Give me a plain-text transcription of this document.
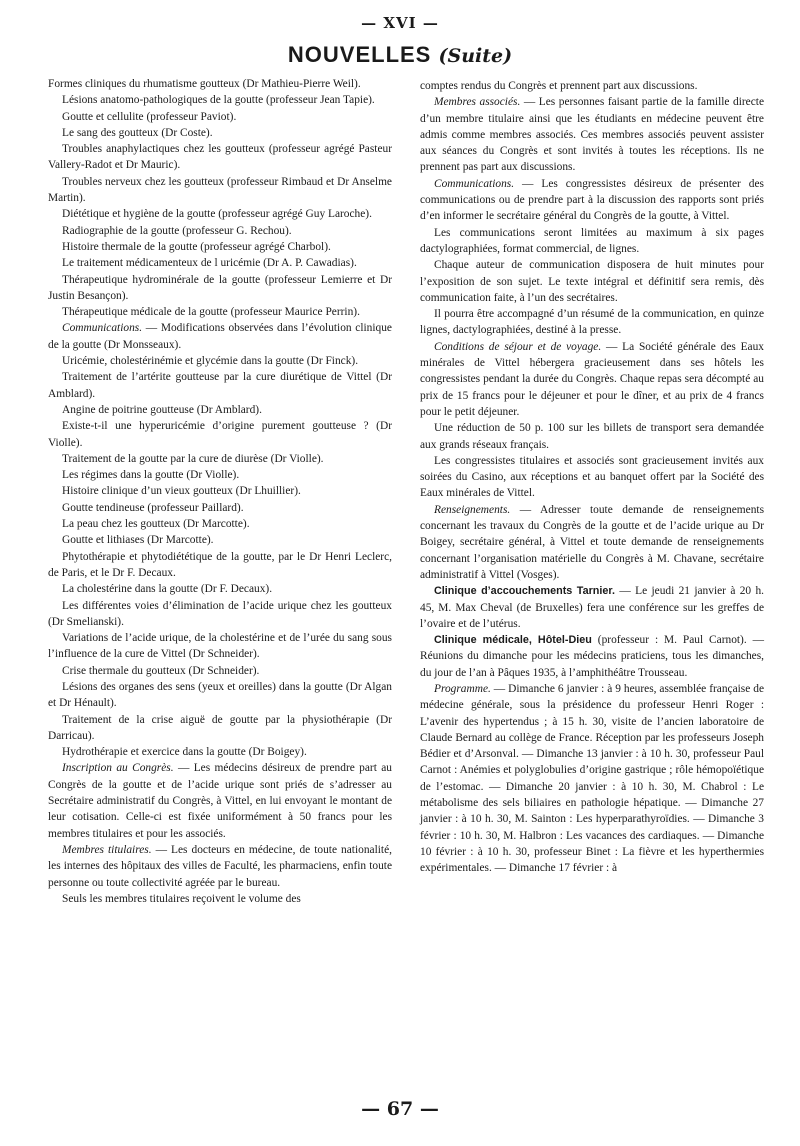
— XVI —
NOUVELLES (Suite)

Formes cliniques du rhumatisme goutteux (Dr Mathieu-Pierre Weil).

Lésions anatomo-pathologiques de la goutte (professeur Jean Tapie).

Goutte et cellulite (professeur Paviot).

Le sang des goutteux (Dr Coste).

Troubles anaphylactiques chez les goutteux (professeur agrégé Pasteur Vallery-Radot et Dr Mauric).

Troubles nerveux chez les goutteux (professeur Rimbaud et Dr Anselme Martin).

Diététique et hygiène de la goutte (professeur agrégé Guy Laroche).

Radiographie de la goutte (professeur G. Rechou).

Histoire thermale de la goutte (professeur agrégé Charbol).

Le traitement médicamenteux de l uricémie (Dr A. P. Cawadias).

Thérapeutique hydrominérale de la goutte (professeur Lemierre et Dr Justin Besançon).

Thérapeutique médicale de la goutte (professeur Maurice Perrin).

Communications. — Modifications observées dans l’évolution clinique de la goutte (Dr Monsseaux).

Uricémie, cholestérinémie et glycémie dans la goutte (Dr Finck).

Traitement de l’artérite goutteuse par la cure diurétique de Vittel (Dr Amblard).

Angine de poitrine goutteuse (Dr Amblard).

Existe-t-il une hyperuricémie d’origine purement goutteuse ? (Dr Violle).

Traitement de la goutte par la cure de diurèse (Dr Violle).

Les régimes dans la goutte (Dr Violle).

Histoire clinique d’un vieux goutteux (Dr Lhuillier).

Goutte tendineuse (professeur Paillard).

La peau chez les goutteux (Dr Marcotte).

Goutte et lithiases (Dr Marcotte).

Phytothérapie et phytodiététique de la goutte, par le Dr Henri Leclerc, de Paris, et le Dr F. Decaux.

La cholestérine dans la goutte (Dr F. Decaux).

Les différentes voies d’élimination de l’acide urique chez les goutteux (Dr Smelianski).

Variations de l’acide urique, de la cholestérine et de l’urée du sang sous l’influence de la cure de Vittel (Dr Schneider).

Crise thermale du goutteux (Dr Schneider).

Lésions des organes des sens (yeux et oreilles) dans la goutte (Dr Algan et Dr Hénault).

Traitement de la crise aiguë de goutte par la physiothérapie (Dr Darricau).

Hydrothérapie et exercice dans la goutte (Dr Boigey).

Inscription au Congrès. — Les médecins désireux de prendre part au Congrès de la goutte et de l’acide urique sont priés de s’adresser au Secrétaire administratif du Congrès, à Vittel, en lui envoyant le montant de leur cotisation. Celle-ci est fixée uniformément à 50 francs pour les membres titulaires et pour les associés.

Membres titulaires. — Les docteurs en médecine, de toute nationalité, les internes des hôpitaux des villes de Faculté, les pharmaciens, enfin toute personne ou toute collectivité agréée par le bureau.

Seuls les membres titulaires reçoivent le volume des

comptes rendus du Congrès et prennent part aux discussions.

Membres associés. — Les personnes faisant partie de la famille directe d’un membre titulaire ainsi que les étudiants en médecine peuvent être admis comme membres associés. Ces membres associés peuvent assister aux séances du Congrès et sont invités à toutes les réceptions. Ils ne prennent pas part aux discussions.

Communications. — Les congressistes désireux de présenter des communications ou de prendre part à la discussion des rapports sont priés d’en informer le secrétaire général du Congrès de la goutte, à Vittel.

Les communications seront limitées au maximum à six pages dactylographiées, format commercial, de lignes.

Chaque auteur de communication disposera de huit minutes pour l’exposition de son sujet. Le texte intégral et définitif sera remis, dès communication faite, à l’un des secrétaires.

Il pourra être accompagné d’un résumé de la communication, en quinze lignes, dactylographiées, destiné à la presse.

Conditions de séjour et de voyage. — La Société générale des Eaux minérales de Vittel hébergera gracieusement dans ses hôtels les congressistes pendant la durée du Congrès. Chaque repas sera décompté au prix de 15 francs pour le déjeuner et pour le dîner, et au prix de 4 francs pour le petit déjeuner.

Une réduction de 50 p. 100 sur les billets de transport sera demandée aux grands réseaux français.

Les congressistes titulaires et associés sont gracieusement invités aux soirées du Casino, aux réceptions et au banquet offert par la Société des Eaux minérales de Vittel.

Renseignements. — Adresser toute demande de renseignements concernant les travaux du Congrès de la goutte et de l’acide urique au Dr Boigey, secrétaire général, à Vittel et toute demande de renseignements concernant l’organisation matérielle du Congrès à M. Chavane, secrétaire administratif à Vittel (Vosges).

Clinique d’accouchements Tarnier. — Le jeudi 21 janvier à 20 h. 45, M. Max Cheval (de Bruxelles) fera une conférence sur les greffes de l’ovaire et de l’utérus.

Clinique médicale, Hôtel-Dieu (professeur : M. Paul Carnot). — Réunions du dimanche pour les médecins praticiens, tous les dimanches, du jour de l’an à Pâques 1935, à l’amphithéâtre Trousseau.

Programme. — Dimanche 6 janvier : à 9 heures, assemblée française de médecine générale, sous la présidence du professeur Henri Roger : L’avenir des hypertendus ; à 15 h. 30, visite de l’ancien laboratoire de Claude Bernard au collège de France. Réception par les professeurs Joseph Bédier et d’Arsonval. — Dimanche 13 janvier : à 10 h. 30, professeur Paul Carnot : Anémies et polyglobulies d’origine gastrique ; rôle hémopoïétique de l’estomac. — Dimanche 20 janvier : à 10 h. 30, M. Chabrol : Le métabolisme des sels biliaires en pathologie hépatique. — Dimanche 27 janvier : à 10 h. 30, M. Sainton : Les hyperparathyroïdies. — Dimanche 3 février : 10 h. 30, M. Halbron : Les vacances des cardiaques. — Dimanche 10 février : à 10 h. 30, professeur Binet : La fièvre et les hyperthermies expérimentales. — Dimanche 17 février : à

— 67 —
